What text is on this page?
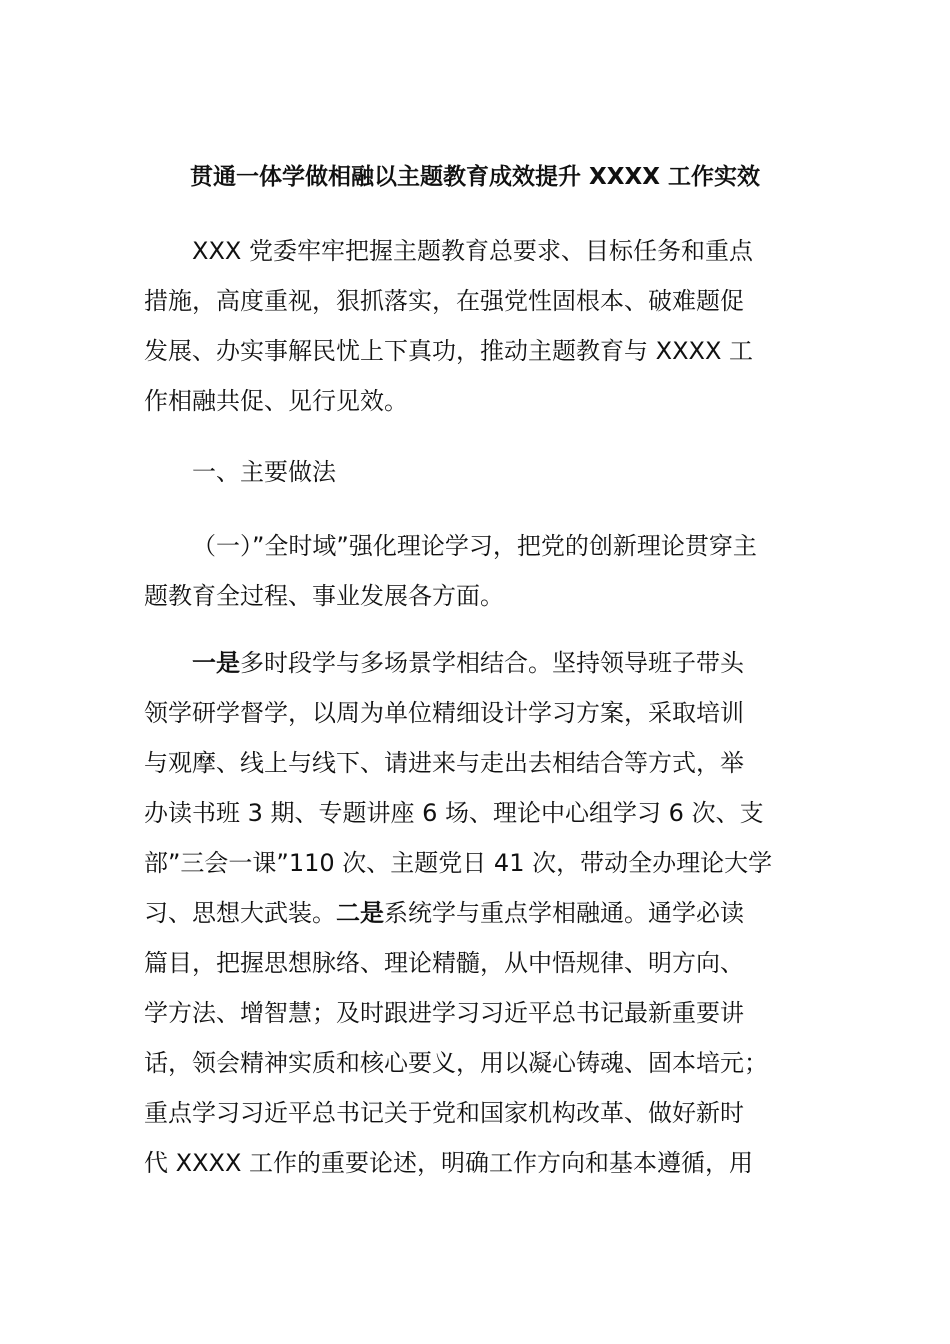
贯通一体学做相融以主题教育成效提升 XXXX 工作实效
XXX 党委牢牢把握主题教育总要求、目标任务和重点
措施，高度重视，狠抓落实，在强党性固根本、破难题促
发展、办实事解民忧上下真功，推动主题教育与 XXXX 工
作相融共促、见行见效。
一、主要做法
（一）”全时域”强化理论学习，把党的创新理论贯穿主
题教育全过程、事业发展各方面。
一是多时段学与多场景学相结合。坚持领导班子带头
领学研学督学，以周为单位精细设计学习方案，采取培训
与观摩、线上与线下、请进来与走出去相结合等方式，举
办读书班 3 期、专题讲座 6 场、理论中心组学习 6 次、支
部”三会一课”110 次、主题党日 41 次，带动全办理论大学
习、思想大武装。二是系统学与重点学相融通。通学必读
篇目，把握思想脉络、理论精髓，从中悟规律、明方向、
学方法、增智慧；及时跟进学习习近平总书记最新重要讲
话，领会精神实质和核心要义，用以凝心铸魂、固本培元；
重点学习习近平总书记关于党和国家机构改革、做好新时
代 XXXX 工作的重要论述，明确工作方向和基本遵循，用
